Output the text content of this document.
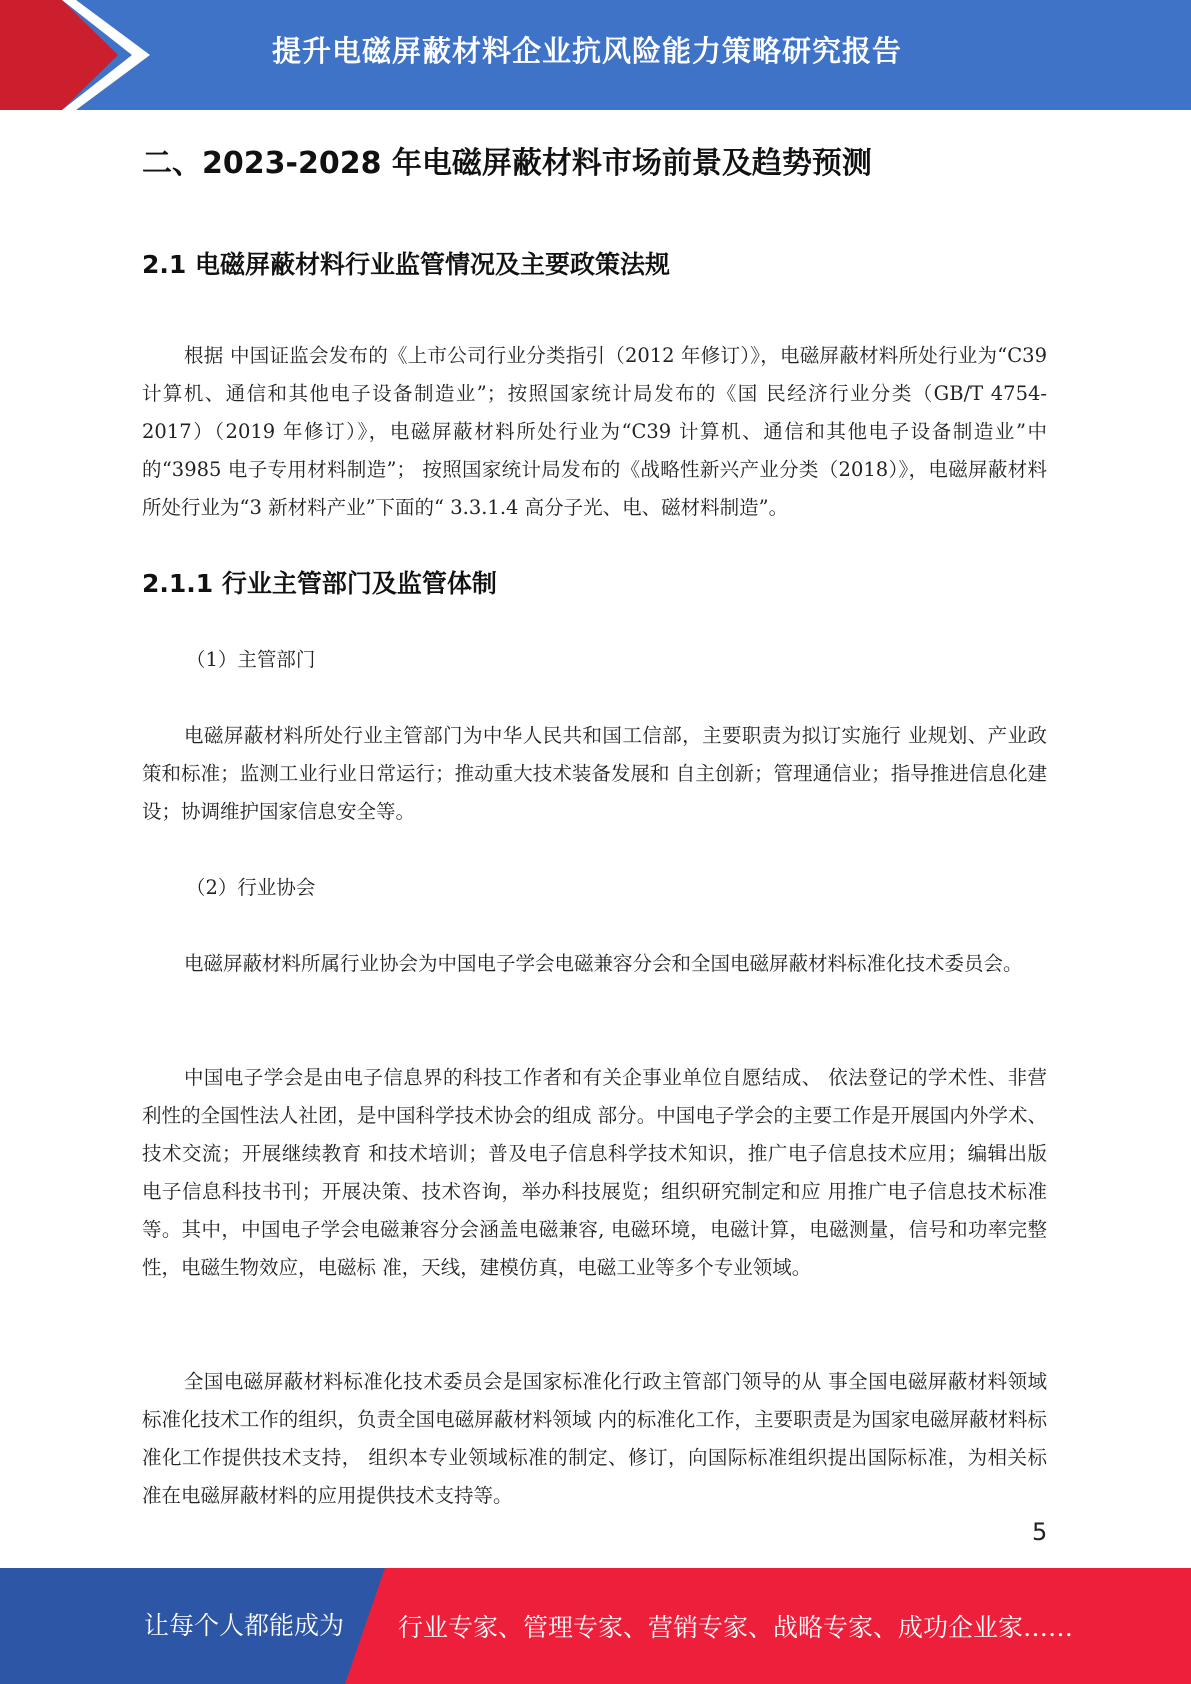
提升电磁屏蔽材料企业抗风险能力策略研究报告
二、2023-2028 年电磁屏蔽材料市场前景及趋势预测
2.1 电磁屏蔽材料行业监管情况及主要政策法规

根据 中国证监会发布的《上市公司行业分类指引（2012 年修订）》，电磁屏蔽材料所处行业为“C39 计算机、通信和其他电子设备制造业”；按照国家统计局发布的《国 民经济行业分类（GB/T 4754-2017）（2019 年修订）》，电磁屏蔽材料所处行业为“C39 计算机、通信和其他电子设备制造业”中的“3985 电子专用材料制造”； 按照国家统计局发布的《战略性新兴产业分类（2018）》，电磁屏蔽材料所处行业为“3 新材料产业”下面的“ 3.3.1.4 高分子光、电、磁材料制造”。

2.1.1 行业主管部门及监管体制
（1）主管部门

电磁屏蔽材料所处行业主管部门为中华人民共和国工信部，主要职责为拟订实施行 业规划、产业政策和标准；监测工业行业日常运行；推动重大技术装备发展和 自主创新；管理通信业；指导推进信息化建设；协调维护国家信息安全等。

（2）行业协会

电磁屏蔽材料所属行业协会为中国电子学会电磁兼容分会和全国电磁屏蔽材料标准化技术委员会。

中国电子学会是由电子信息界的科技工作者和有关企事业单位自愿结成、 依法登记的学术性、非营利性的全国性法人社团，是中国科学技术协会的组成 部分。中国电子学会的主要工作是开展国内外学术、技术交流；开展继续教育 和技术培训；普及电子信息科学技术知识，推广电子信息技术应用；编辑出版 电子信息科技书刊；开展决策、技术咨询，举办科技展览；组织研究制定和应 用推广电子信息技术标准等。其中，中国电子学会电磁兼容分会涵盖电磁兼容, 电磁环境，电磁计算，电磁测量，信号和功率完整性，电磁生物效应，电磁标 准，天线，建模仿真，电磁工业等多个专业领域。

全国电磁屏蔽材料标准化技术委员会是国家标准化行政主管部门领导的从 事全国电磁屏蔽材料领域标准化技术工作的组织，负责全国电磁屏蔽材料领域 内的标准化工作，主要职责是为国家电磁屏蔽材料标准化工作提供技术支持， 组织本专业领域标准的制定、修订，向国际标准组织提出国际标准，为相关标 准在电磁屏蔽材料的应用提供技术支持等。

5
让每个人都能成为 行业专家、管理专家、营销专家、战略专家、成功企业家……
